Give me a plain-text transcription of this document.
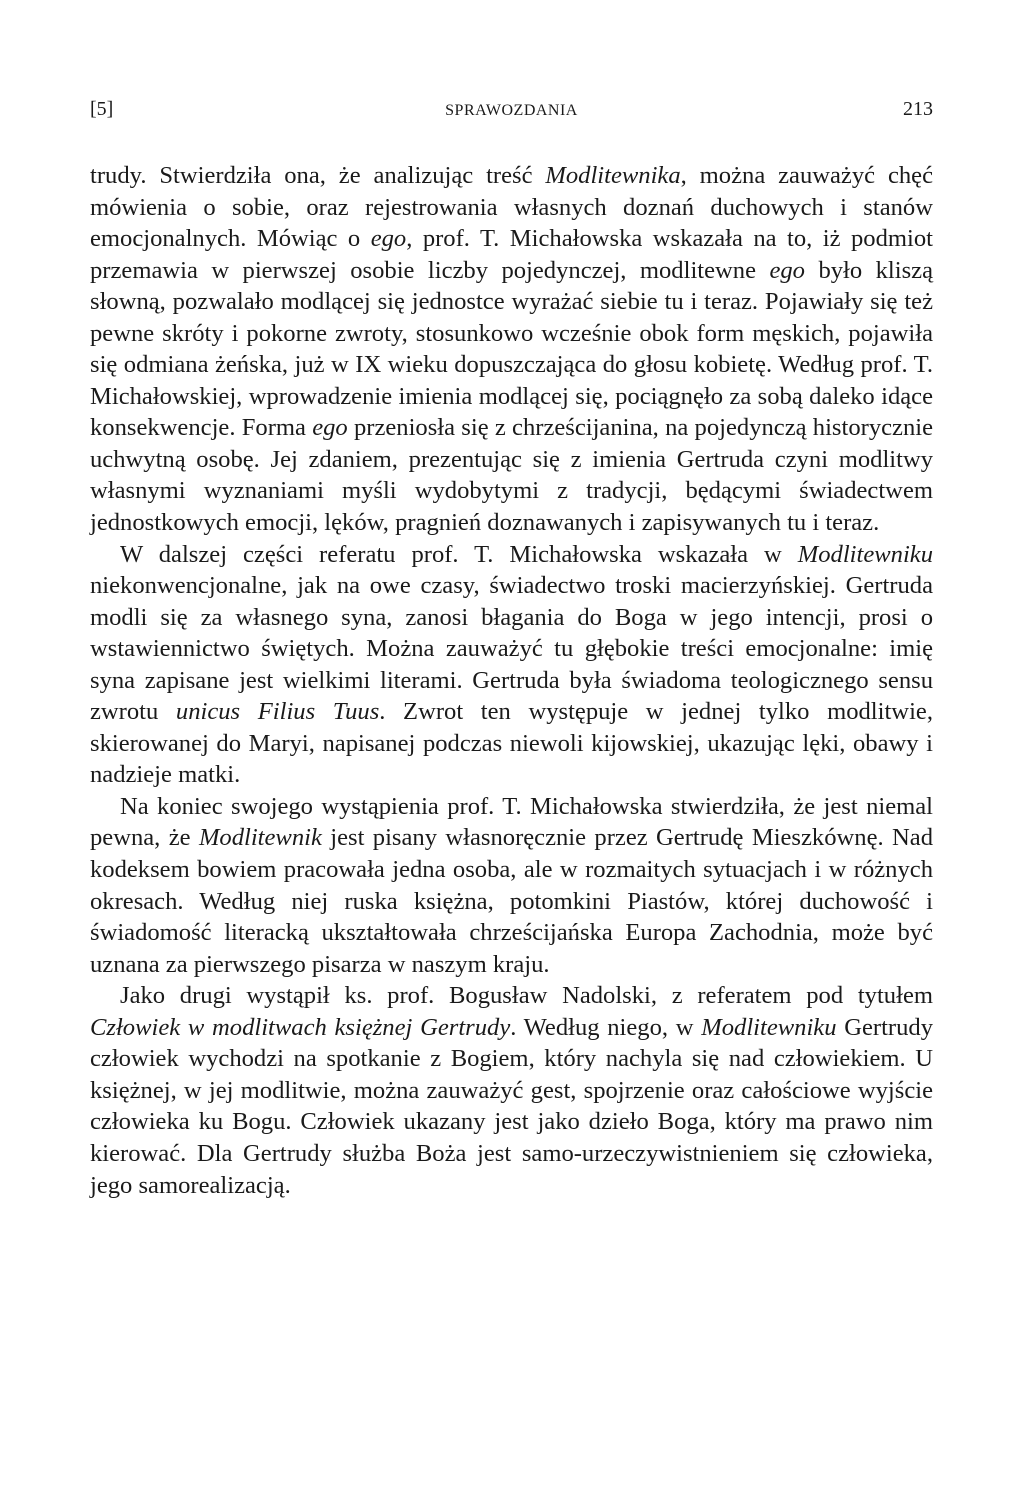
[5]	SPRAWOZDANIA	213

trudy. Stwierdziła ona, że analizując treść Modlitewnika, można zauważyć chęć mówienia o sobie, oraz rejestrowania własnych doznań duchowych i stanów emocjonalnych. Mówiąc o ego, prof. T. Michałowska wskazała na to, iż podmiot przemawia w pierwszej osobie liczby pojedynczej, modlitewne ego było kliszą słowną, pozwalało modlącej się jednostce wyrażać siebie tu i teraz. Pojawiały się też pewne skróty i pokorne zwroty, stosunkowo wcześnie obok form męskich, pojawiła się odmiana żeńska, już w IX wieku dopuszczająca do głosu kobietę. Według prof. T. Michałowskiej, wprowadzenie imienia modlącej się, pociągnęło za sobą daleko idące konsekwencje. Forma ego przeniosła się z chrześcijanina, na pojedynczą historycznie uchwytną osobę. Jej zdaniem, prezentując się z imienia Gertruda czyni modlitwy własnymi wyznaniami myśli wydobytymi z tradycji, będącymi świadectwem jednostkowych emocji, lęków, pragnień doznawanych i zapisywanych tu i teraz.

W dalszej części referatu prof. T. Michałowska wskazała w Modlitewniku niekonwencjonalne, jak na owe czasy, świadectwo troski macierzyńskiej. Gertruda modli się za własnego syna, zanosi błagania do Boga w jego intencji, prosi o wstawiennictwo świętych. Można zauważyć tu głębokie treści emocjonalne: imię syna zapisane jest wielkimi literami. Gertruda była świadoma teologicznego sensu zwrotu unicus Filius Tuus. Zwrot ten występuje w jednej tylko modlitwie, skierowanej do Maryi, napisanej podczas niewoli kijowskiej, ukazując lęki, obawy i nadzieje matki.

Na koniec swojego wystąpienia prof. T. Michałowska stwierdziła, że jest niemal pewna, że Modlitewnik jest pisany własnoręcznie przez Gertrudę Mieszkównę. Nad kodeksem bowiem pracowała jedna osoba, ale w rozmaitych sytuacjach i w różnych okresach. Według niej ruska księżna, potomkini Piastów, której duchowość i świadomość literacką ukształtowała chrześcijańska Europa Zachodnia, może być uznana za pierwszego pisarza w naszym kraju.

Jako drugi wystąpił ks. prof. Bogusław Nadolski, z referatem pod tytułem Człowiek w modlitwach księżnej Gertrudy. Według niego, w Modlitewniku Gertrudy człowiek wychodzi na spotkanie z Bogiem, który nachyla się nad człowiekiem. U księżnej, w jej modlitwie, można zauważyć gest, spojrzenie oraz całościowe wyjście człowieka ku Bogu. Człowiek ukazany jest jako dzieło Boga, który ma prawo nim kierować. Dla Gertrudy służba Boża jest samo-urzeczywistnieniem się człowieka, jego samorealizacją.
